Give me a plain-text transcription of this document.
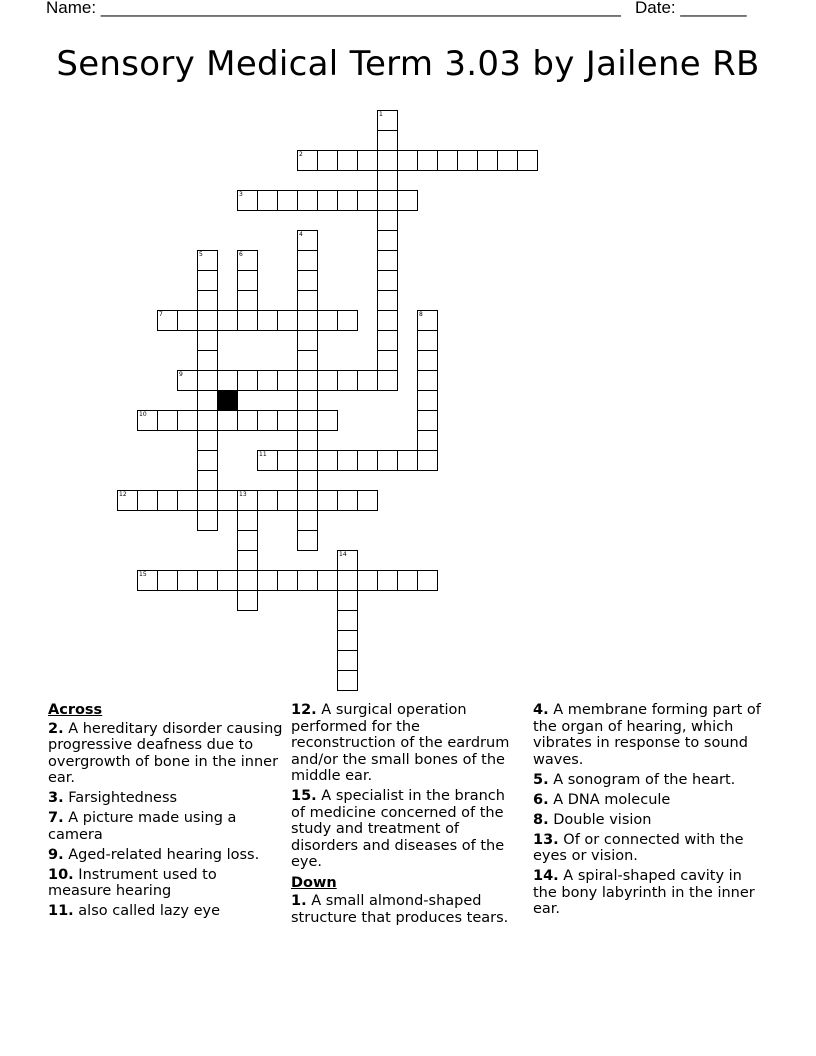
Name: _______________________________________________________ Date: _______
Sensory Medical Term 3.03 by Jailene RB
1
2
3
4
5	6
7	8
9
10
11
12	13
14
15
Across
2. A hereditary disorder causing progressive deafness due to overgrowth of bone in the inner ear.
3. Farsightedness
7. A picture made using a camera
9. Aged-related hearing loss.
10. Instrument used to measure hearing
11. also called lazy eye
12. A surgical operation performed for the reconstruction of the eardrum and/or the small bones of the middle ear.
15. A specialist in the branch of medicine concerned of the study and treatment of disorders and diseases of the eye.
Down
1. A small almond-shaped structure that produces tears.
4. A membrane forming part of the organ of hearing, which vibrates in response to sound waves.
5. A sonogram of the heart.
6. A DNA molecule
8. Double vision
13. Of or connected with the eyes or vision.
14. A spiral-shaped cavity in the bony labyrinth in the inner ear.
